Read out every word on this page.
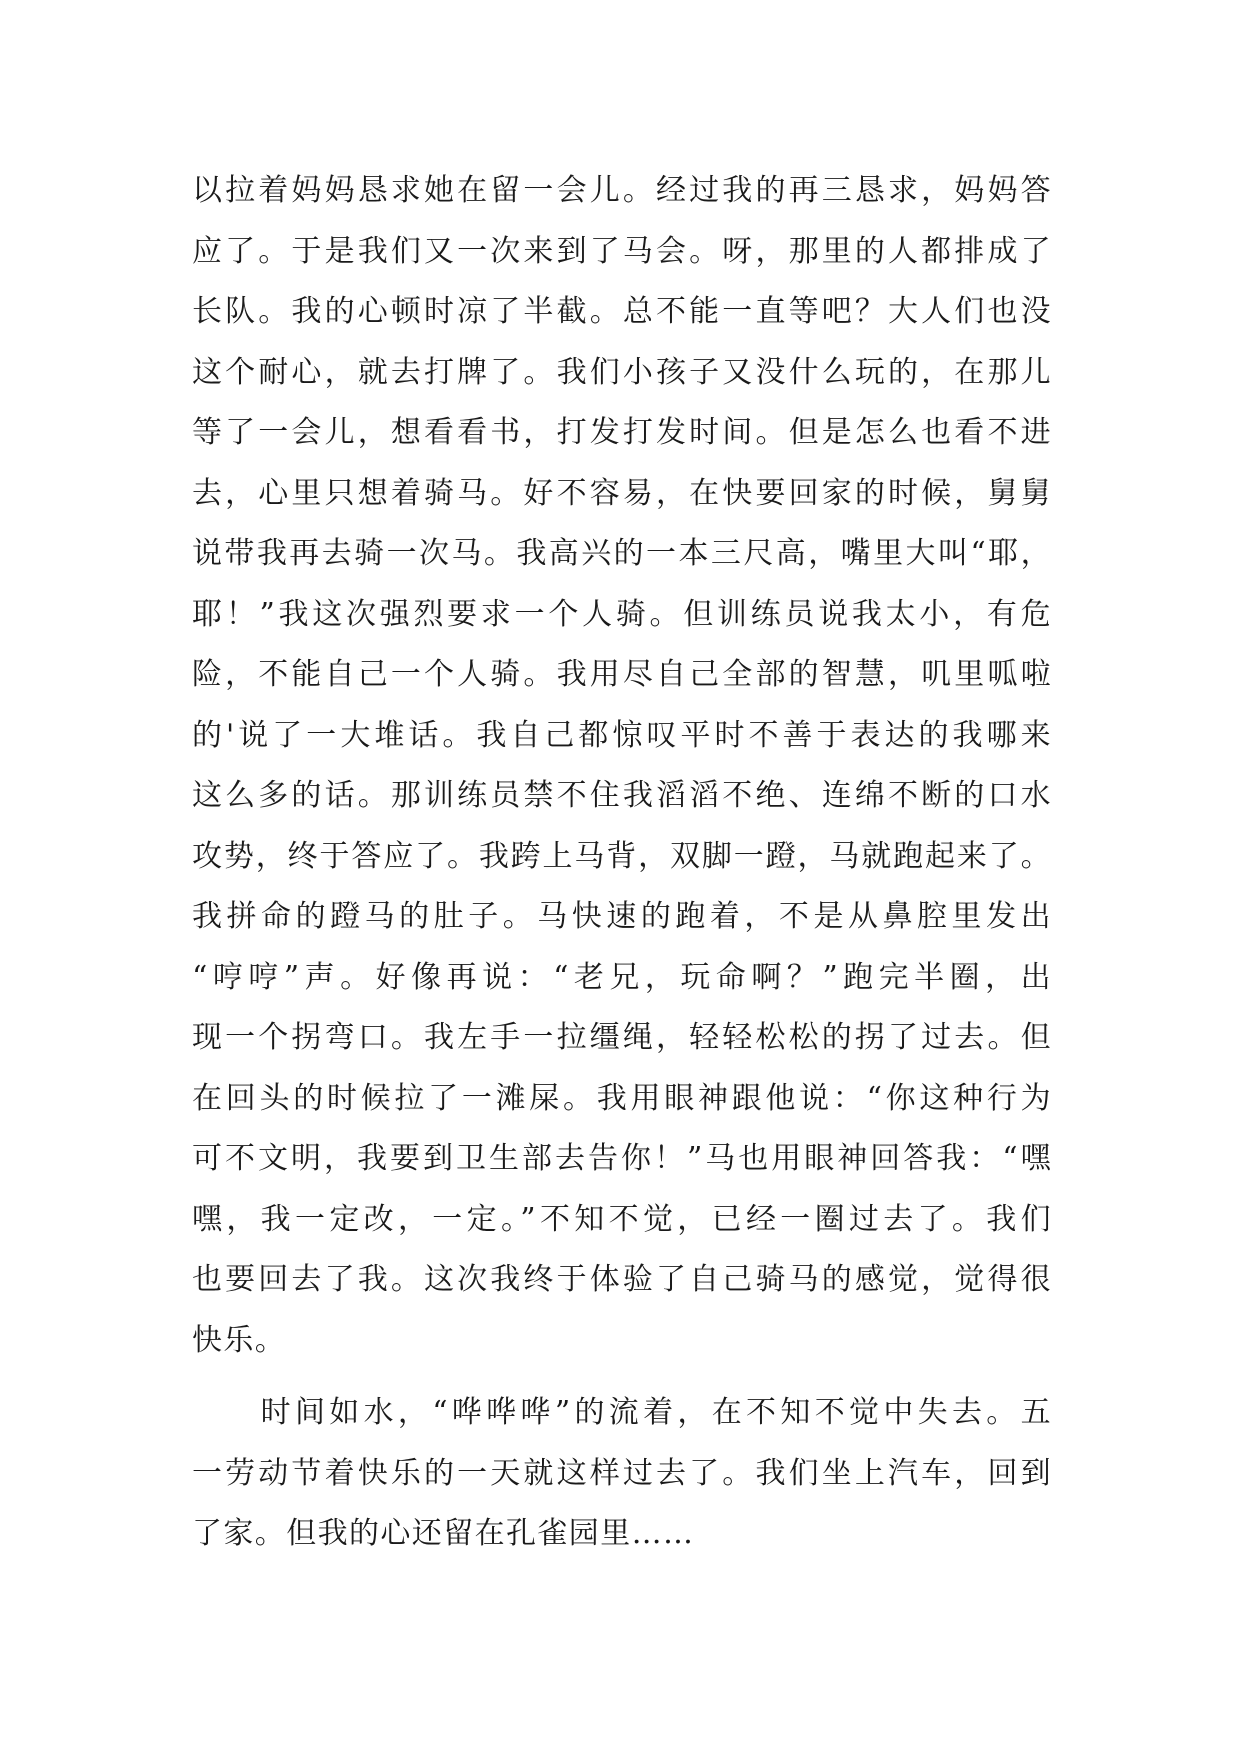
以拉着妈妈恳求她在留一会儿。经过我的再三恳求，妈妈答
应了。于是我们又一次来到了马会。呀，那里的人都排成了
长队。我的心顿时凉了半截。总不能一直等吧？大人们也没
这个耐心，就去打牌了。我们小孩子又没什么玩的，在那儿
等了一会儿，想看看书，打发打发时间。但是怎么也看不进
去，心里只想着骑马。好不容易，在快要回家的时候，舅舅
说带我再去骑一次马。我高兴的一本三尺高，嘴里大叫“耶，
耶！”我这次强烈要求一个人骑。但训练员说我太小，有危
险，不能自己一个人骑。我用尽自己全部的智慧，叽里呱啦
的'说了一大堆话。我自己都惊叹平时不善于表达的我哪来
这么多的话。那训练员禁不住我滔滔不绝、连绵不断的口水
攻势，终于答应了。我跨上马背，双脚一蹬，马就跑起来了。
我拼命的蹬马的肚子。马快速的跑着，不是从鼻腔里发出
“哼哼”声。好像再说：“老兄，玩命啊？”跑完半圈，出
现一个拐弯口。我左手一拉缰绳，轻轻松松的拐了过去。但
在回头的时候拉了一滩屎。我用眼神跟他说：“你这种行为
可不文明，我要到卫生部去告你！”马也用眼神回答我：“嘿
嘿，我一定改，一定。”不知不觉，已经一圈过去了。我们
也要回去了我。这次我终于体验了自己骑马的感觉，觉得很
快乐。
　　时间如水，“哗哗哗”的流着，在不知不觉中失去。五
一劳动节着快乐的一天就这样过去了。我们坐上汽车，回到
了家。但我的心还留在孔雀园里……
